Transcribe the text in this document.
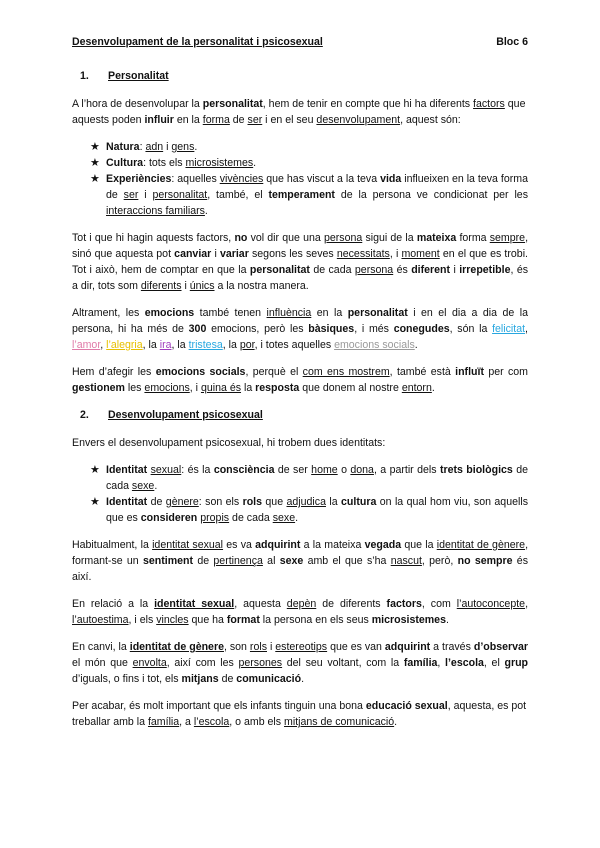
Desenvolupament de la personalitat i psicosexual	Bloc 6
1.	Personalitat

A l’hora de desenvolupar la personalitat, hem de tenir en compte que hi ha diferents factors que aquests poden influir en la forma de ser i en el seu desenvolupament, aquest són:

★ Natura: adn i gens.
★ Cultura: tots els microsistemes.
★ Experiències: aquelles vivències que has viscut a la teva vida influeixen en la teva forma de ser i personalitat, també, el temperament de la persona ve condicionat per les interaccions familiars.

Tot i que hi hagin aquests factors, no vol dir que una persona sigui de la mateixa forma sempre, sinó que aquesta pot canviar i variar segons les seves necessitats, i moment en el que es trobi. Tot i això, hem de comptar en que la personalitat de cada persona és diferent i irrepetible, és a dir, tots som diferents i únics a la nostra manera.

Altrament, les emocions també tenen influència en la personalitat i en el dia a dia de la persona, hi ha més de 300 emocions, però les bàsiques, i més conegudes, són la felicitat, l’amor, l’alegria, la ira, la tristesa, la por, i totes aquelles emocions socials.

Hem d’afegir les emocions socials, perquè el com ens mostrem, també està influït per com gestionem les emocions, i quina és la resposta que donem al nostre entorn.

2.	Desenvolupament psicosexual

Envers el desenvolupament psicosexual, hi trobem dues identitats:

★ Identitat sexual: és la consciència de ser home o dona, a partir dels trets biològics de cada sexe.
★ Identitat de gènere: son els rols que adjudica la cultura on la qual hom viu, son aquells que es consideren propis de cada sexe.

Habitualment, la identitat sexual es va adquirint a la mateixa vegada que la identitat de gènere, formant-se un sentiment de pertinença al sexe amb el que s’ha nascut, però, no sempre és així.

En relació a la identitat sexual, aquesta depèn de diferents factors, com l’autoconcepte, l’autoestima, i els vincles que ha format la persona en els seus microsistemes.

En canvi, la identitat de gènere, son rols i estereotips que es van adquirint a través d’observar el món que envolta, així com les persones del seu voltant, com la família, l’escola, el grup d’iguals, o fins i tot, els mitjans de comunicació.

Per acabar, és molt important que els infants tinguin una bona educació sexual, aquesta, es pot treballar amb la família, a l’escola, o amb els mitjans de comunicació.
